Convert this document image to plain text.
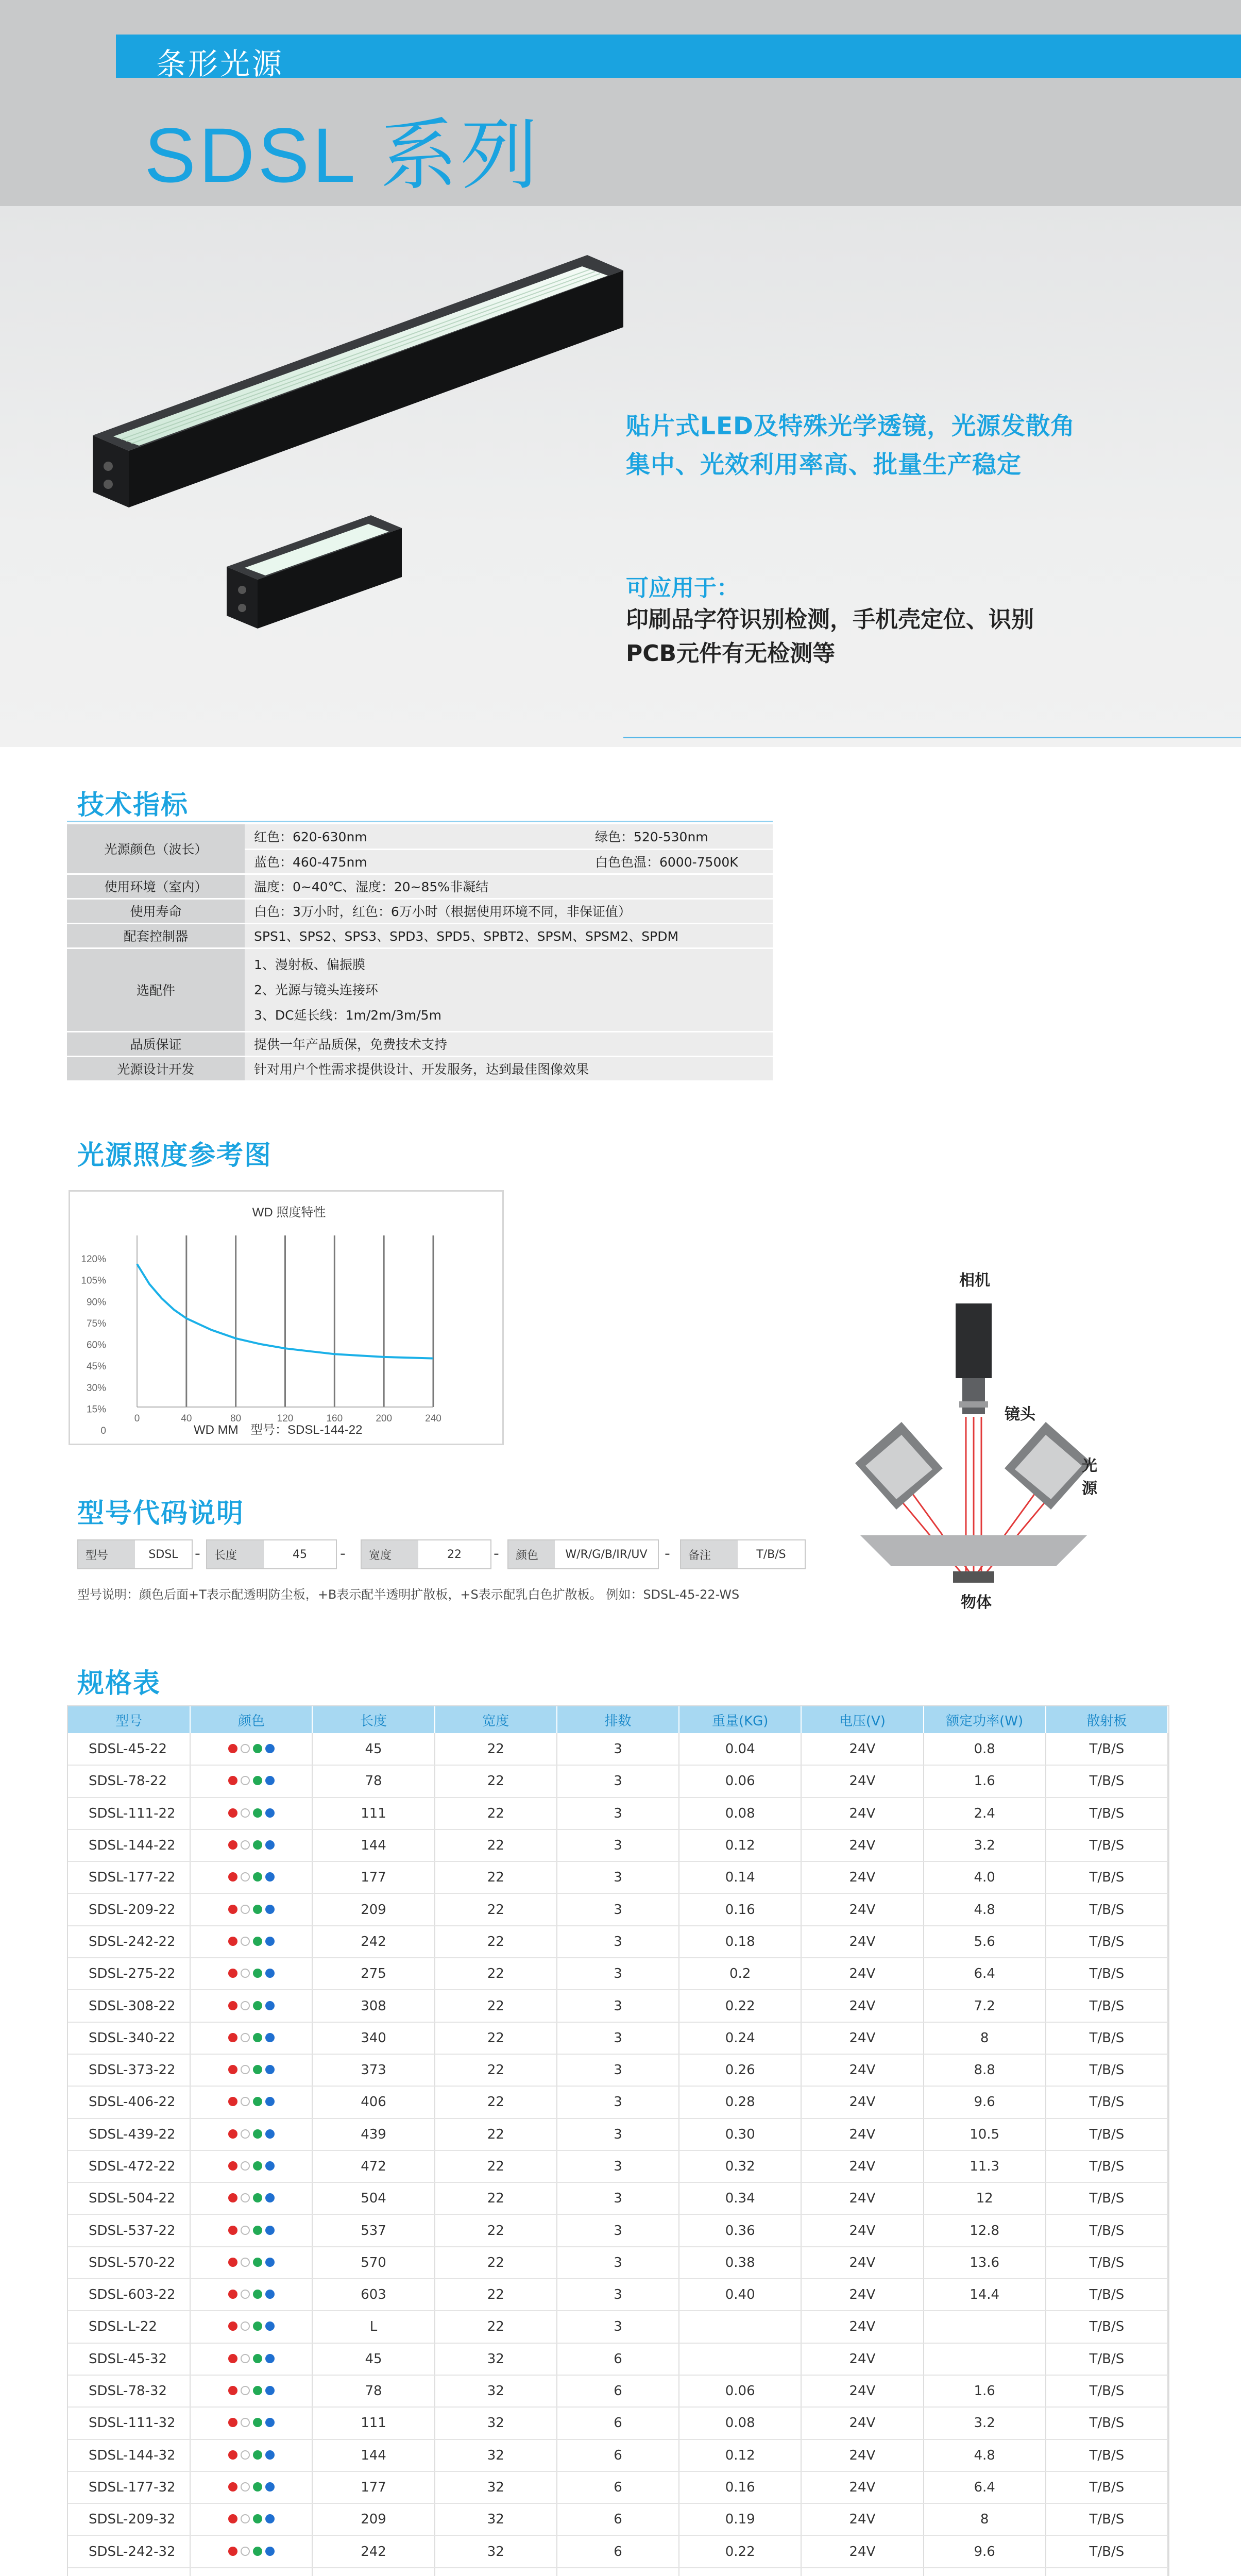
条形光源
SDSL 系列
贴片式LED及特殊光学透镜，光源发散角
集中、光效利用率高、批量生产稳定
可应用于：
印刷品字符识别检测，手机壳定位、识别
PCB元件有无检测等
技术指标
光源颜色（波长）	红色：620-630nm	绿色：520-530nm
	蓝色：460-475nm	白色色温：6000-7500K
使用环境（室内）	温度：0~40℃、湿度：20~85%非凝结	
使用寿命	白色：3万小时，红色：6万小时（根据使用环境不同，非保证值）	
配套控制器	SPS1、SPS2、SPS3、SPD3、SPD5、SPBT2、SPSM、SPSM2、SPDM	
选配件	1、漫射板、偏振膜
2、光源与镜头连接环
3、DC延长线：1m/2m/3m/5m	

品质保证	提供一年产品质保，免费技术支持	
光源设计开发	针对用户个性需求提供设计、开发服务，达到最佳图像效果	
光源照度参考图
WD 照度特性
0
15%
30%
45%
60%
75%
90%
105%
120%
0	40	80	120	160	200	240
WD MM 型号：SDSL-144-22
相机
镜头
光源
物体
型号代码说明
型号	SDSL	-	长度	45	-	宽度	22	-	颜色	W/R/G/B/IR/UV	-	备注	T/B/S
型号说明：颜色后面+T表示配透明防尘板，+B表示配半透明扩散板，+S表示配乳白色扩散板。 例如：SDSL-45-22-WS
规格表
型号	颜色	长度	宽度	排数	重量(KG)	电压(V)	额定功率(W)	散射板
SDSL-45-22		45	22	3	0.04	24V	0.8	T/B/S
SDSL-78-22		78	22	3	0.06	24V	1.6	T/B/S
SDSL-111-22		111	22	3	0.08	24V	2.4	T/B/S
SDSL-144-22		144	22	3	0.12	24V	3.2	T/B/S
SDSL-177-22		177	22	3	0.14	24V	4.0	T/B/S
SDSL-209-22		209	22	3	0.16	24V	4.8	T/B/S
SDSL-242-22		242	22	3	0.18	24V	5.6	T/B/S
SDSL-275-22		275	22	3	0.2	24V	6.4	T/B/S
SDSL-308-22		308	22	3	0.22	24V	7.2	T/B/S
SDSL-340-22		340	22	3	0.24	24V	8	T/B/S
SDSL-373-22		373	22	3	0.26	24V	8.8	T/B/S
SDSL-406-22		406	22	3	0.28	24V	9.6	T/B/S
SDSL-439-22		439	22	3	0.30	24V	10.5	T/B/S
SDSL-472-22		472	22	3	0.32	24V	11.3	T/B/S
SDSL-504-22		504	22	3	0.34	24V	12	T/B/S
SDSL-537-22		537	22	3	0.36	24V	12.8	T/B/S
SDSL-570-22		570	22	3	0.38	24V	13.6	T/B/S
SDSL-603-22		603	22	3	0.40	24V	14.4	T/B/S
SDSL-L-22		L	22	3		24V		T/B/S
SDSL-45-32		45	32	6		24V		T/B/S
SDSL-78-32		78	32	6	0.06	24V	1.6	T/B/S
SDSL-111-32		111	32	6	0.08	24V	3.2	T/B/S
SDSL-144-32		144	32	6	0.12	24V	4.8	T/B/S
SDSL-177-32		177	32	6	0.16	24V	6.4	T/B/S
SDSL-209-32		209	32	6	0.19	24V	8	T/B/S
SDSL-242-32		242	32	6	0.22	24V	9.6	T/B/S
